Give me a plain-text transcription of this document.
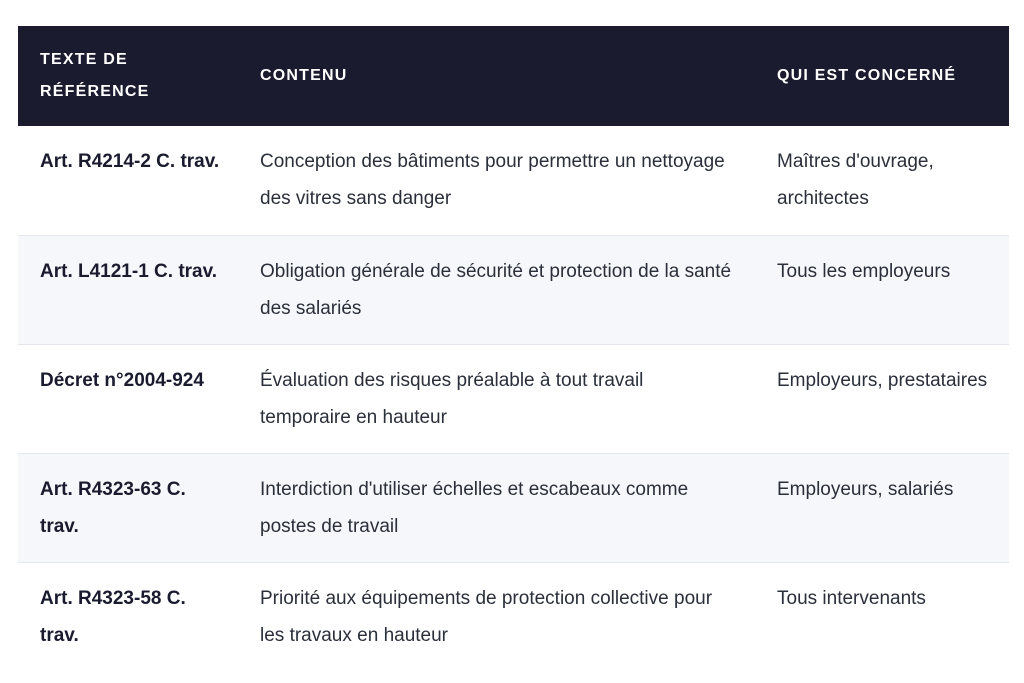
TEXTE DE RÉFÉRENCE	CONTENU	QUI EST CONCERNÉ
Art. R4214-2 C. trav.	Conception des bâtiments pour permettre un nettoyage des vitres sans danger	Maîtres d'ouvrage, architectes
Art. L4121-1 C. trav.	Obligation générale de sécurité et protection de la santé des salariés	Tous les employeurs
Décret n°2004-924	Évaluation des risques préalable à tout travail temporaire en hauteur	Employeurs, prestataires
Art. R4323-63 C. trav.	Interdiction d'utiliser échelles et escabeaux comme postes de travail	Employeurs, salariés
Art. R4323-58 C. trav.	Priorité aux équipements de protection collective pour les travaux en hauteur	Tous intervenants
